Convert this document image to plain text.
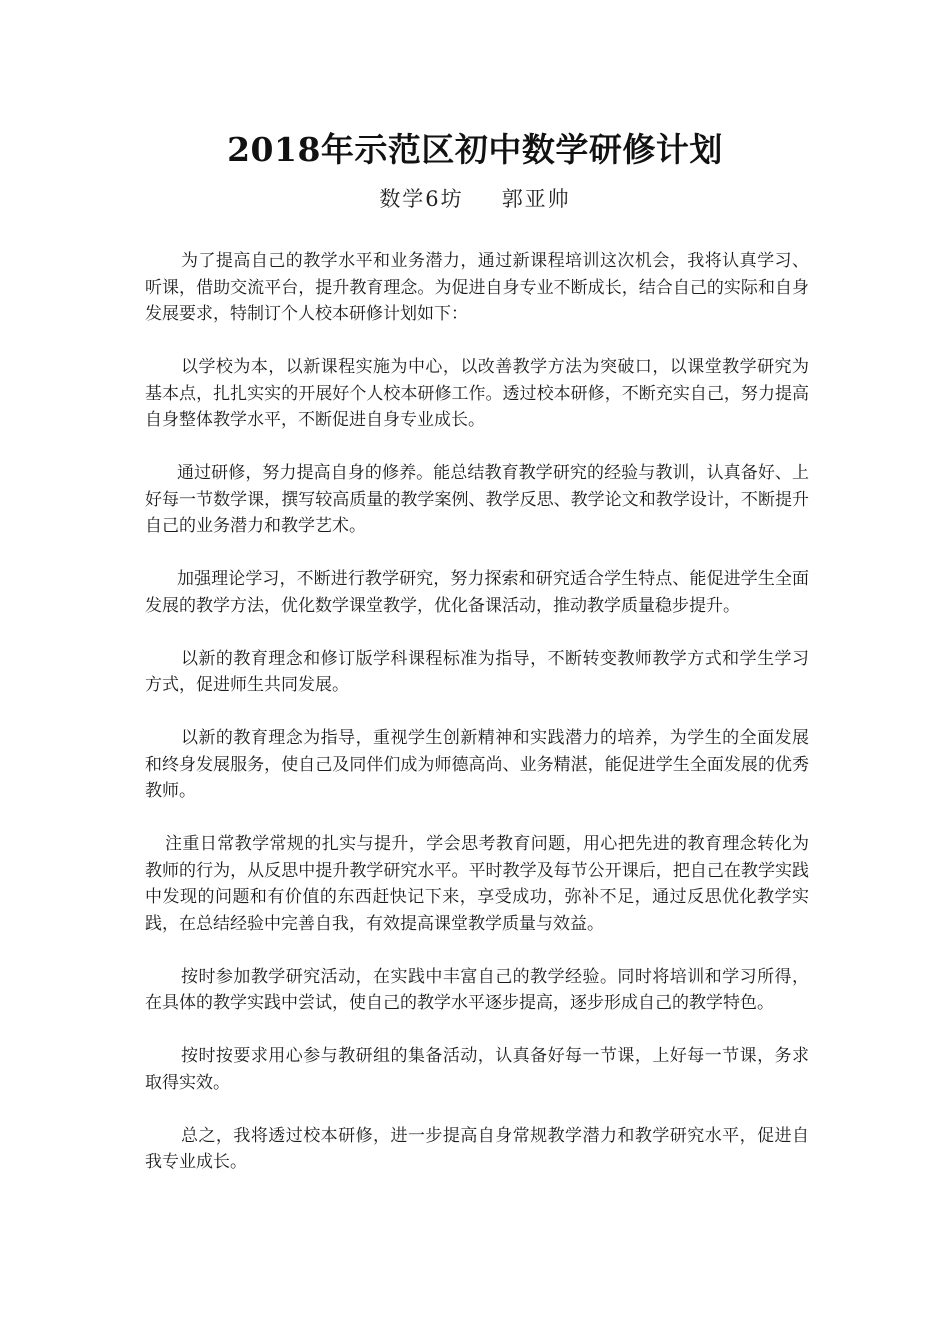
2018年示范区初中数学研修计划
数学6坊 郭亚帅

为了提高自己的教学水平和业务潜力，通过新课程培训这次机会，我将认真学习、听课，借助交流平台，提升教育理念。为促进自身专业不断成长，结合自己的实际和自身发展要求，特制订个人校本研修计划如下：

以学校为本，以新课程实施为中心，以改善教学方法为突破口，以课堂教学研究为基本点，扎扎实实的开展好个人校本研修工作。透过校本研修，不断充实自己，努力提高自身整体教学水平，不断促进自身专业成长。

通过研修，努力提高自身的修养。能总结教育教学研究的经验与教训，认真备好、上好每一节数学课，撰写较高质量的教学案例、教学反思、教学论文和教学设计，不断提升自己的业务潜力和教学艺术。

加强理论学习，不断进行教学研究，努力探索和研究适合学生特点、能促进学生全面发展的教学方法，优化数学课堂教学，优化备课活动，推动教学质量稳步提升。

以新的教育理念和修订版学科课程标准为指导，不断转变教师教学方式和学生学习方式，促进师生共同发展。

以新的教育理念为指导，重视学生创新精神和实践潜力的培养，为学生的全面发展和终身发展服务，使自己及同伴们成为师德高尚、业务精湛，能促进学生全面发展的优秀教师。

注重日常教学常规的扎实与提升，学会思考教育问题，用心把先进的教育理念转化为教师的行为，从反思中提升教学研究水平。平时教学及每节公开课后，把自己在教学实践中发现的问题和有价值的东西赶快记下来，享受成功，弥补不足，通过反思优化教学实践，在总结经验中完善自我，有效提高课堂教学质量与效益。

按时参加教学研究活动，在实践中丰富自己的教学经验。同时将培训和学习所得，在具体的教学实践中尝试，使自己的教学水平逐步提高，逐步形成自己的教学特色。

按时按要求用心参与教研组的集备活动，认真备好每一节课，上好每一节课，务求取得实效。

总之，我将透过校本研修，进一步提高自身常规教学潜力和教学研究水平，促进自我专业成长。
